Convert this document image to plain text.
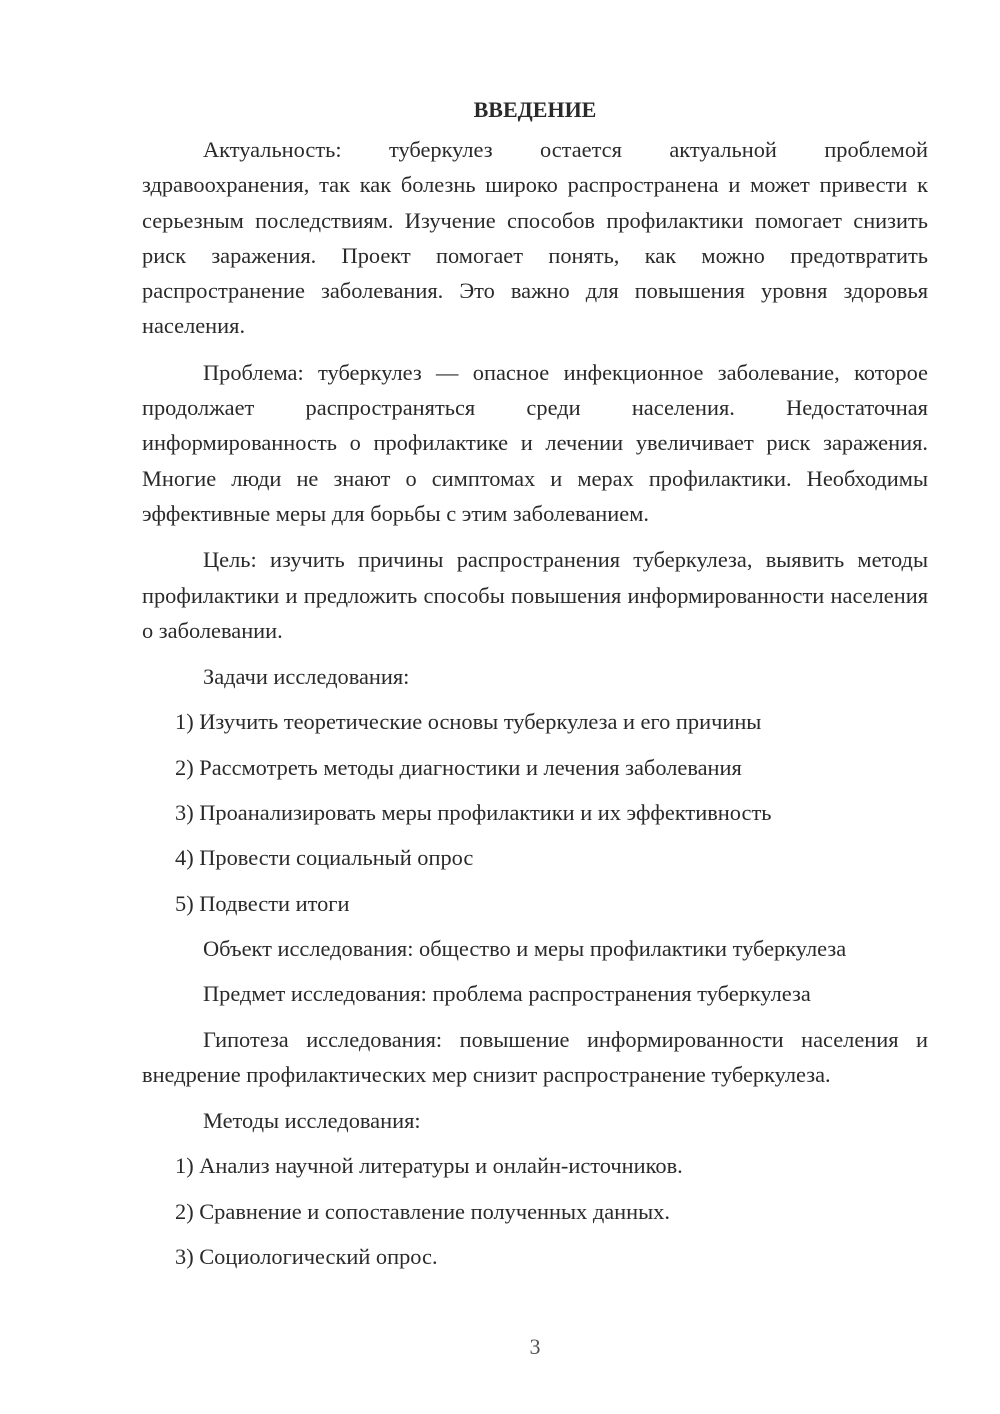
ВВЕДЕНИЕ

Актуальность: туберкулез остается актуальной проблемой здравоохранения, так как болезнь широко распространена и может привести к серьезным последствиям. Изучение способов профилактики помогает снизить риск заражения. Проект помогает понять, как можно предотвратить распространение заболевания. Это важно для повышения уровня здоровья населения.

Проблема: туберкулез — опасное инфекционное заболевание, которое продолжает распространяться среди населения. Недостаточная информированность о профилактике и лечении увеличивает риск заражения. Многие люди не знают о симптомах и мерах профилактики. Необходимы эффективные меры для борьбы с этим заболеванием.

Цель: изучить причины распространения туберкулеза, выявить методы профилактики и предложить способы повышения информированности населения о заболевании.

Задачи исследования:
1) Изучить теоретические основы туберкулеза и его причины
2) Рассмотреть методы диагностики и лечения заболевания
3) Проанализировать меры профилактики и их эффективность
4) Провести социальный опрос
5) Подвести итоги
Объект исследования: общество и меры профилактики туберкулеза
Предмет исследования: проблема распространения туберкулеза

Гипотеза исследования: повышение информированности населения и внедрение профилактических мер снизит распространение туберкулеза.

Методы исследования:
1) Анализ научной литературы и онлайн-источников.
2) Сравнение и сопоставление полученных данных.
3) Социологический опрос.
3
